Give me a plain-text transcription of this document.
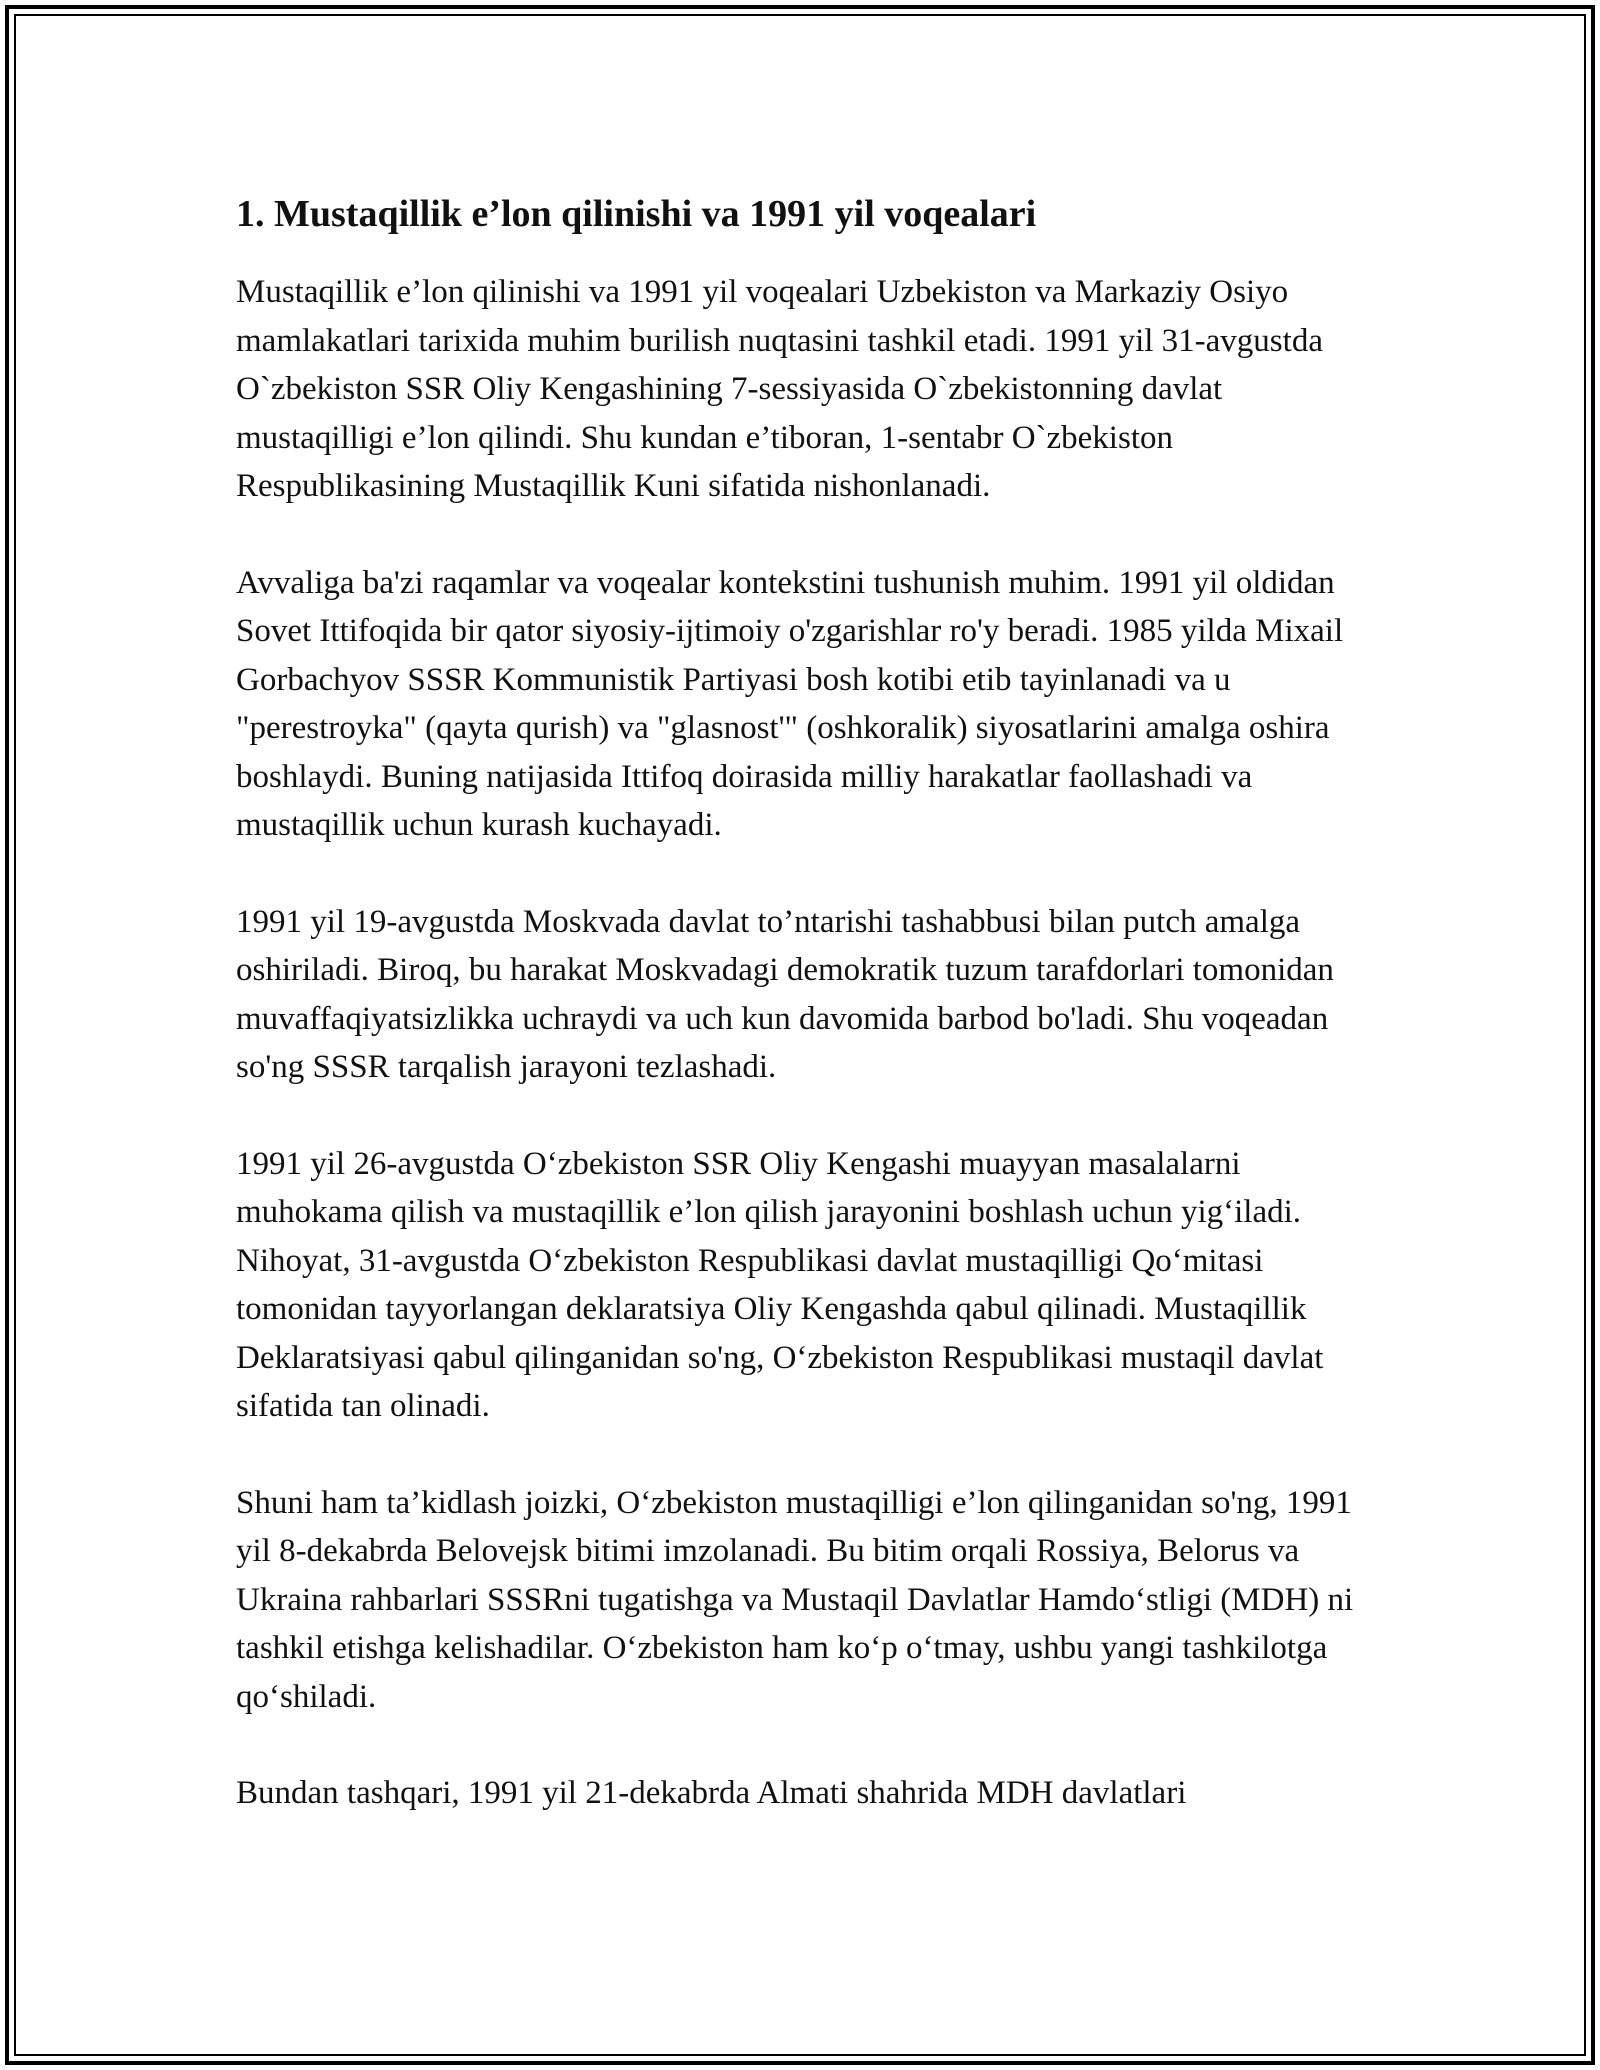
1. Mustaqillik e’lon qilinishi va 1991 yil voqealari

Mustaqillik e’lon qilinishi va 1991 yil voqealari Uzbekiston va Markaziy Osiyo mamlakatlari tarixida muhim burilish nuqtasini tashkil etadi. 1991 yil 31-avgustda O`zbekiston SSR Oliy Kengashining 7-sessiyasida O`zbekistonning davlat mustaqilligi e’lon qilindi. Shu kundan e’tiboran, 1-sentabr O`zbekiston Respublikasining Mustaqillik Kuni sifatida nishonlanadi.

Avvaliga ba'zi raqamlar va voqealar kontekstini tushunish muhim. 1991 yil oldidan Sovet Ittifoqida bir qator siyosiy-ijtimoiy o'zgarishlar ro'y beradi. 1985 yilda Mixail Gorbachyov SSSR Kommunistik Partiyasi bosh kotibi etib tayinlanadi va u "perestroyka" (qayta qurish) va "glasnost'" (oshkoralik) siyosatlarini amalga oshira boshlaydi. Buning natijasida Ittifoq doirasida milliy harakatlar faollashadi va mustaqillik uchun kurash kuchayadi.

1991 yil 19-avgustda Moskvada davlat to’ntarishi tashabbusi bilan putch amalga oshiriladi. Biroq, bu harakat Moskvadagi demokratik tuzum tarafdorlari tomonidan muvaffaqiyatsizlikka uchraydi va uch kun davomida barbod bo'ladi. Shu voqeadan so'ng SSSR tarqalish jarayoni tezlashadi.

1991 yil 26-avgustda O‘zbekiston SSR Oliy Kengashi muayyan masalalarni muhokama qilish va mustaqillik e’lon qilish jarayonini boshlash uchun yig‘iladi. Nihoyat, 31-avgustda O‘zbekiston Respublikasi davlat mustaqilligi Qo‘mitasi tomonidan tayyorlangan deklaratsiya Oliy Kengashda qabul qilinadi. Mustaqillik Deklaratsiyasi qabul qilinganidan so'ng, O‘zbekiston Respublikasi mustaqil davlat sifatida tan olinadi.

Shuni ham ta’kidlash joizki, O‘zbekiston mustaqilligi e’lon qilinganidan so'ng, 1991 yil 8-dekabrda Belovejsk bitimi imzolanadi. Bu bitim orqali Rossiya, Belorus va Ukraina rahbarlari SSSRni tugatishga va Mustaqil Davlatlar Hamdo‘stligi (MDH) ni tashkil etishga kelishadilar. O‘zbekiston ham ko‘p o‘tmay, ushbu yangi tashkilotga qo‘shiladi.

Bundan tashqari, 1991 yil 21-dekabrda Almati shahrida MDH davlatlari
